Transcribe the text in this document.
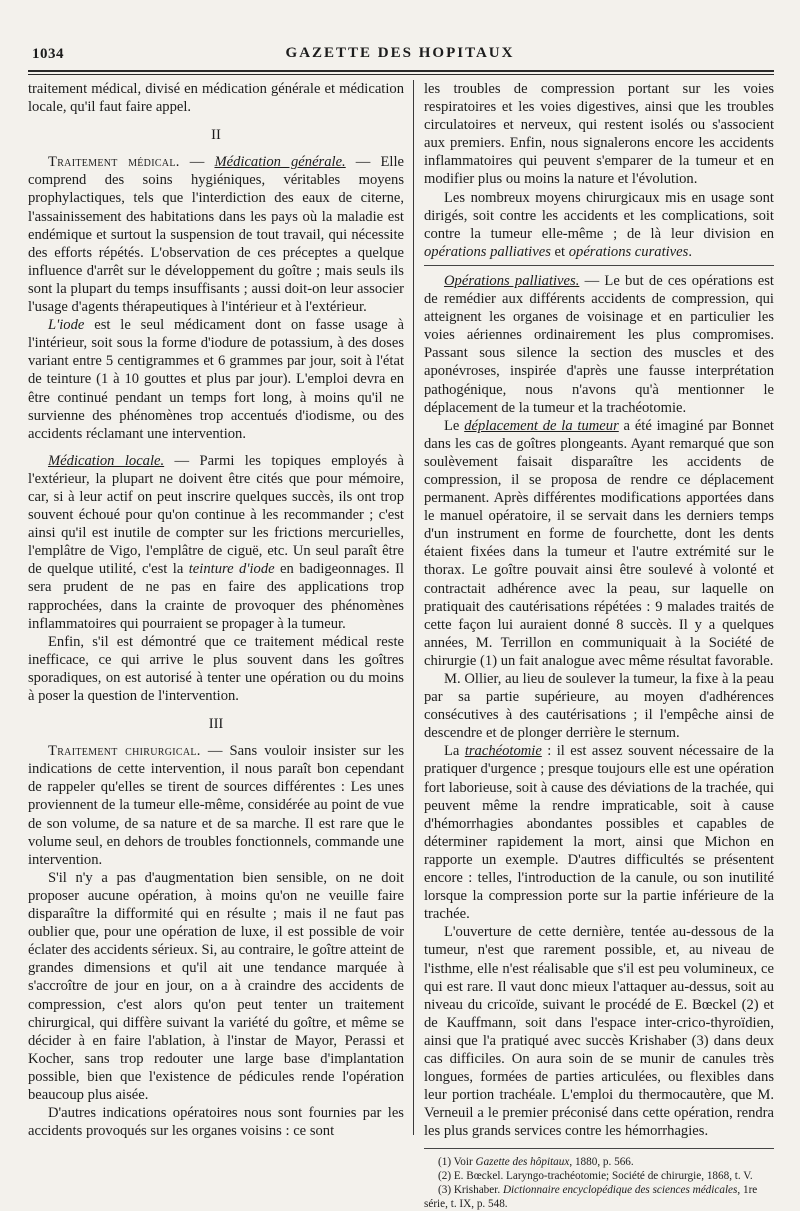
1034	GAZETTE DES HOPITAUX

traitement médical, divisé en médication générale et médication locale, qu'il faut faire appel.

II

Traitement médical. — Médication générale. — Elle comprend des soins hygiéniques, véritables moyens prophylactiques, tels que l'interdiction des eaux de citerne, l'assainissement des habitations dans les pays où la maladie est endémique et surtout la suspension de tout travail, qui nécessite des efforts répétés. L'observation de ces préceptes a quelque influence d'arrêt sur le développement du goître ; mais seuls ils sont la plupart du temps insuffisants ; aussi doit-on leur associer l'usage d'agents thérapeutiques à l'intérieur et à l'extérieur.

L'iode est le seul médicament dont on fasse usage à l'intérieur, soit sous la forme d'iodure de potassium, à des doses variant entre 5 centigrammes et 6 grammes par jour, soit à l'état de teinture (1 à 10 gouttes et plus par jour). L'emploi devra en être continué pendant un temps fort long, à moins qu'il ne survienne des phénomènes trop accentués d'iodisme, ou des accidents réclamant une intervention.

Médication locale. — Parmi les topiques employés à l'extérieur, la plupart ne doivent être cités que pour mémoire, car, si à leur actif on peut inscrire quelques succès, ils ont trop souvent échoué pour qu'on continue à les recommander ; c'est ainsi qu'il est inutile de compter sur les frictions mercurielles, l'emplâtre de Vigo, l'emplâtre de ciguë, etc. Un seul paraît être de quelque utilité, c'est la teinture d'iode en badigeonnages. Il sera prudent de ne pas en faire des applications trop rapprochées, dans la crainte de provoquer des phénomènes inflammatoires qui pourraient se propager à la tumeur.

Enfin, s'il est démontré que ce traitement médical reste inefficace, ce qui arrive le plus souvent dans les goîtres sporadiques, on est autorisé à tenter une opération ou du moins à poser la question de l'intervention.

III

Traitement chirurgical. — Sans vouloir insister sur les indications de cette intervention, il nous paraît bon cependant de rappeler qu'elles se tirent de sources différentes : Les unes proviennent de la tumeur elle-même, considérée au point de vue de son volume, de sa nature et de sa marche. Il est rare que le volume seul, en dehors de troubles fonctionnels, commande une intervention.

S'il n'y a pas d'augmentation bien sensible, on ne doit proposer aucune opération, à moins qu'on ne veuille faire disparaître la difformité qui en résulte ; mais il ne faut pas oublier que, pour une opération de luxe, il est possible de voir éclater des accidents sérieux. Si, au contraire, le goître atteint de grandes dimensions et qu'il ait une tendance marquée à s'accroître de jour en jour, on a à craindre des accidents de compression, c'est alors qu'on peut tenter un traitement chirurgical, qui diffère suivant la variété du goître, et même se décider à en faire l'ablation, à l'instar de Mayor, Perassi et Kocher, sans trop redouter une large base d'implantation possible, bien que l'existence de pédicules rende l'opération beaucoup plus aisée.

D'autres indications opératoires nous sont fournies par les accidents provoqués sur les organes voisins : ce sont

les troubles de compression portant sur les voies respiratoires et les voies digestives, ainsi que les troubles circulatoires et nerveux, qui restent isolés ou s'associent aux premiers. Enfin, nous signalerons encore les accidents inflammatoires qui peuvent s'emparer de la tumeur et en modifier plus ou moins la nature et l'évolution.

Les nombreux moyens chirurgicaux mis en usage sont dirigés, soit contre les accidents et les complications, soit contre la tumeur elle-même ; de là leur division en opérations palliatives et opérations curatives.

Opérations palliatives. — Le but de ces opérations est de remédier aux différents accidents de compression, qui atteignent les organes de voisinage et en particulier les voies aériennes ordinairement les plus compromises. Passant sous silence la section des muscles et des aponévroses, inspirée d'après une fausse interprétation pathogénique, nous n'avons qu'à mentionner le déplacement de la tumeur et la trachéotomie.

Le déplacement de la tumeur a été imaginé par Bonnet dans les cas de goîtres plongeants. Ayant remarqué que son soulèvement faisait disparaître les accidents de compression, il se proposa de rendre ce déplacement permanent. Après différentes modifications apportées dans le manuel opératoire, il se servait dans les derniers temps d'un instrument en forme de fourchette, dont les dents étaient fixées dans la tumeur et l'autre extrémité sur le thorax. Le goître pouvait ainsi être soulevé à volonté et contractait adhérence avec la peau, sur laquelle on pratiquait des cautérisations répétées : 9 malades traités de cette façon lui auraient donné 8 succès. Il y a quelques années, M. Terrillon en communiquait à la Société de chirurgie (1) un fait analogue avec même résultat favorable.

M. Ollier, au lieu de soulever la tumeur, la fixe à la peau par sa partie supérieure, au moyen d'adhérences consécutives à des cautérisations ; il l'empêche ainsi de descendre et de plonger derrière le sternum.

La trachéotomie : il est assez souvent nécessaire de la pratiquer d'urgence ; presque toujours elle est une opération fort laborieuse, soit à cause des déviations de la trachée, qui peuvent même la rendre impraticable, soit à cause d'hémorrhagies abondantes possibles et capables de déterminer rapidement la mort, ainsi que Michon en rapporte un exemple. D'autres difficultés se présentent encore : telles, l'introduction de la canule, ou son inutilité lorsque la compression porte sur la partie inférieure de la trachée.

L'ouverture de cette dernière, tentée au-dessous de la tumeur, n'est que rarement possible, et, au niveau de l'isthme, elle n'est réalisable que s'il est peu volumineux, ce qui est rare. Il vaut donc mieux l'attaquer au-dessus, soit au niveau du cricoïde, suivant le procédé de E. Bœckel (2) et de Kauffmann, soit dans l'espace inter-crico-thyroïdien, ainsi que l'a pratiqué avec succès Krishaber (3) dans deux cas difficiles. On aura soin de se munir de canules très longues, formées de parties articulées, ou flexibles dans leur portion trachéale. L'emploi du thermocautère, que M. Verneuil a le premier préconisé dans cette opération, rendra les plus grands services contre les hémorrhagies.

(1) Voir Gazette des hôpitaux, 1880, p. 566.

(2) E. Bœckel. Laryngo-trachéotomie; Société de chirurgie, 1868, t. V.

(3) Krishaber. Dictionnaire encyclopédique des sciences médicales, 1re série, t. IX, p. 548.
